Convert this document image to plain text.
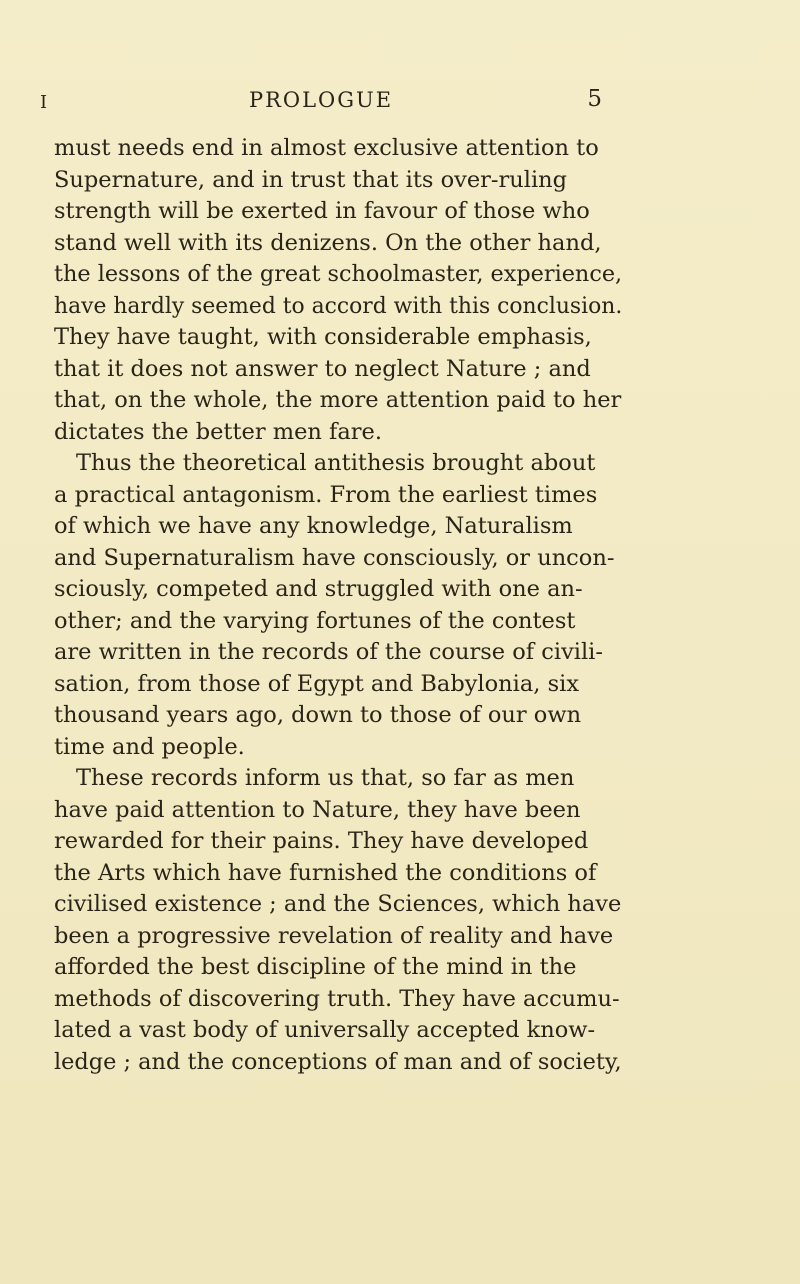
I	PROLOGUE	5
must needs end in almost exclusive attention to
Supernature, and in trust that its over-ruling
strength will be exerted in favour of those who
stand well with its denizens. On the other hand,
the lessons of the great schoolmaster, experience,
have hardly seemed to accord with this conclusion.
They have taught, with considerable emphasis,
that it does not answer to neglect Nature ; and
that, on the whole, the more attention paid to her
dictates the better men fare.
Thus the theoretical antithesis brought about
a practical antagonism. From the earliest times
of which we have any knowledge, Naturalism
and Supernaturalism have consciously, or uncon-
sciously, competed and struggled with one an-
other; and the varying fortunes of the contest
are written in the records of the course of civili-
sation, from those of Egypt and Babylonia, six
thousand years ago, down to those of our own
time and people.
These records inform us that, so far as men
have paid attention to Nature, they have been
rewarded for their pains. They have developed
the Arts which have furnished the conditions of
civilised existence ; and the Sciences, which have
been a progressive revelation of reality and have
afforded the best discipline of the mind in the
methods of discovering truth. They have accumu-
lated a vast body of universally accepted know-
ledge ; and the conceptions of man and of society,
